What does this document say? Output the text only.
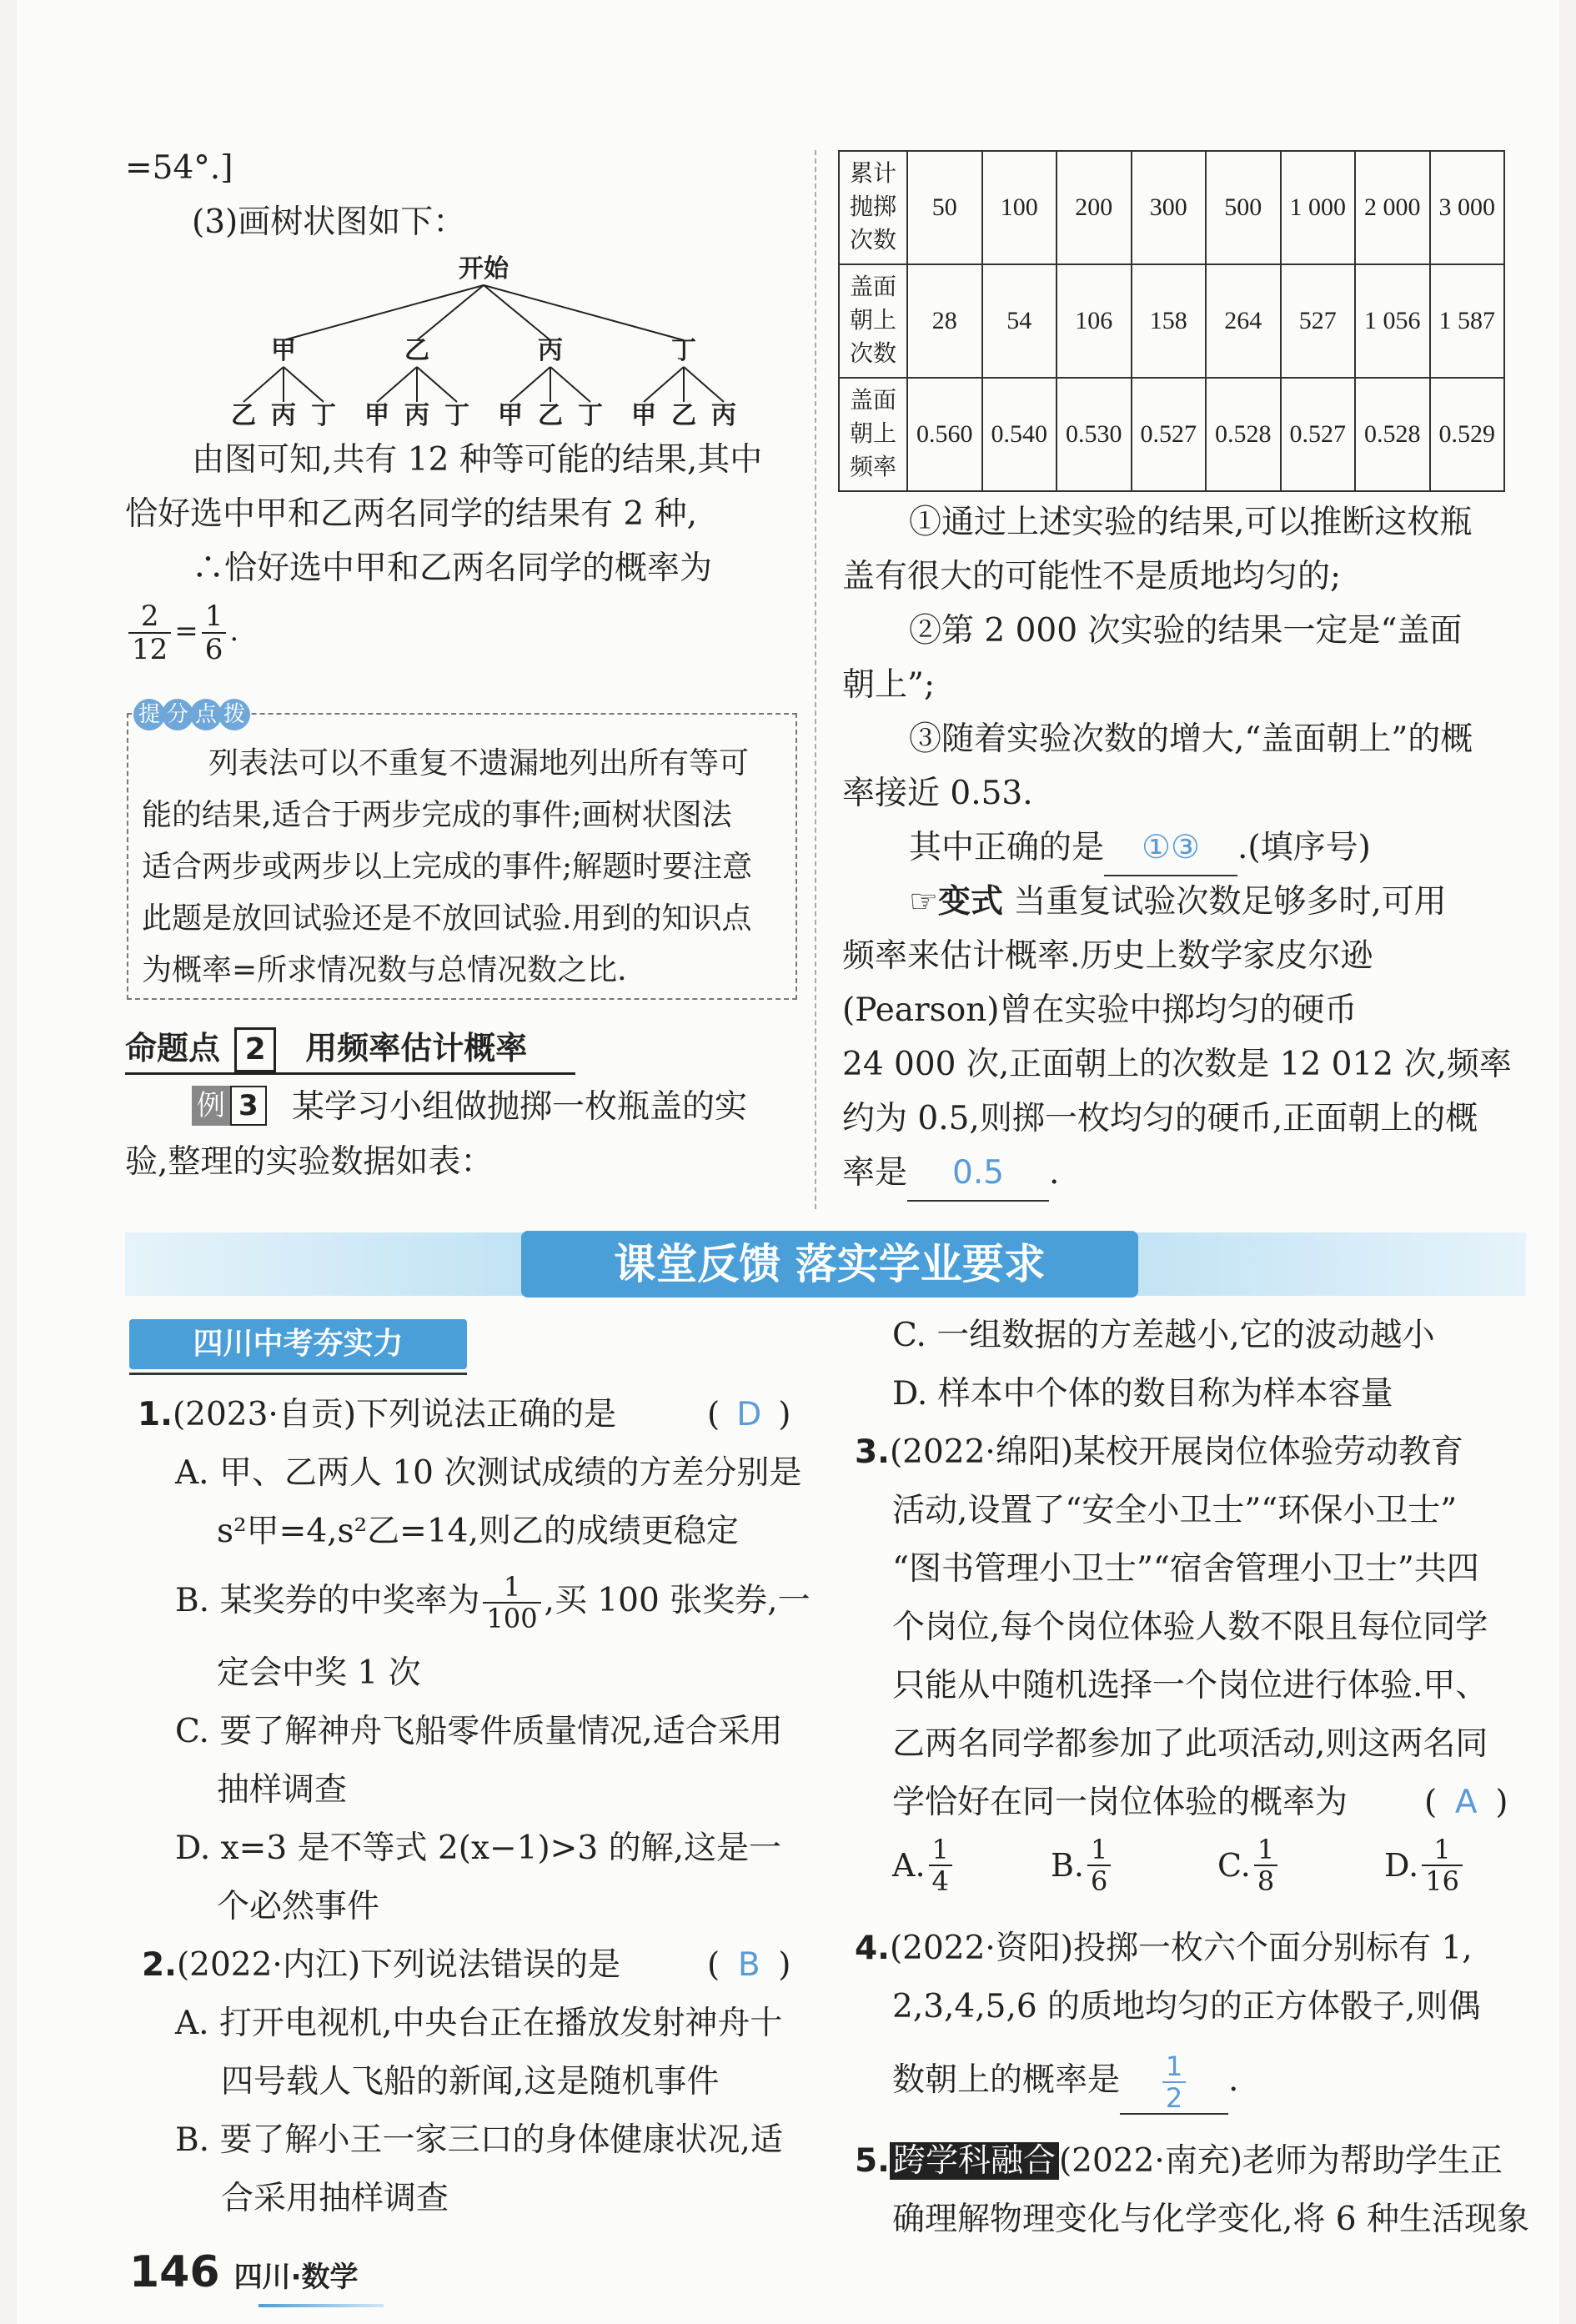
=54°.]
(3)画树状图如下：
开始
甲
乙 丙 丁
乙
甲 丙 丁
丙
甲 乙 丁
丁
甲 乙 丙
由图可知,共有 12 种等可能的结果,其中
恰好选中甲和乙两名同学的结果有 2 种,
∴恰好选中甲和乙两名同学的概率为
$\frac{2}{12} = \frac{1}{6}$ .
提 分 点 拨
列表法可以不重复不遗漏地列出所有等可
能的结果,适合于两步完成的事件;画树状图法
适合两步或两步以上完成的事件;解题时要注意
此题是放回试验还是不放回试验.用到的知识点
为概率=所求情况数与总情况数之比.
命题点 2 用频率估计概率
例 3 某学习小组做抛掷一枚瓶盖的实
验,整理的实验数据如表：
累计
抛掷
次数	50	100	200	300	500	1 000	2 000	3 000

盖面
朝上
次数	28	54	106	158	264	527	1 056	1 587

盖面
朝上
频率	0.560	0.540	0.530	0.527	0.528	0.527	0.528	0.529
①通过上述实验的结果,可以推断这枚瓶
盖有很大的可能性不是质地均匀的;
②第 2 000 次实验的结果一定是“盖面
朝上”;
③随着实验次数的增大,“盖面朝上”的概
率接近 0.53.
其中正确的是 ①③ .(填序号)
☞变式 当重复试验次数足够多时,可用
频率来估计概率.历史上数学家皮尔逊
(Pearson)曾在实验中掷均匀的硬币
24 000 次,正面朝上的次数是 12 012 次,频率
约为 0.5,则掷一枚均匀的硬币,正面朝上的概
率是 0.5 .
课堂反馈 落实学业要求
四川中考夯实力
1.(2023·自贡)下列说法正确的是	( D )
A. 甲、乙两人 10 次测试成绩的方差分别是
s²甲=4,s²乙=14,则乙的成绩更稳定
B. 某奖券的中奖率为 $\frac{1}{100}$ ,买 100 张奖券,一
定会中奖 1 次
C. 要了解神舟飞船零件质量情况,适合采用
抽样调查
D. x=3 是不等式 2(x−1)>3 的解,这是一
个必然事件
2.(2022·内江)下列说法错误的是	( B )
A. 打开电视机,中央台正在播放发射神舟十
四号载人飞船的新闻,这是随机事件
B. 要了解小王一家三口的身体健康状况,适
合采用抽样调查
C. 一组数据的方差越小,它的波动越小
D. 样本中个体的数目称为样本容量
3.(2022·绵阳)某校开展岗位体验劳动教育
活动,设置了“安全小卫士”“环保小卫士”
“图书管理小卫士”“宿舍管理小卫士”共四
个岗位,每个岗位体验人数不限且每位同学
只能从中随机选择一个岗位进行体验.甲、
乙两名同学都参加了此项活动,则这两名同
学恰好在同一岗位体验的概率为 ( A )
A. $\frac{1}{4}$	B. $\frac{1}{6}$	C. $\frac{1}{8}$	D. $\frac{1}{16}$
4.(2022·资阳)投掷一枚六个面分别标有 1,
2,3,4,5,6 的质地均匀的正方体骰子,则偶
数朝上的概率是 $\frac{1}{2}$ .
5. 跨学科融合 (2022·南充)老师为帮助学生正
确理解物理变化与化学变化,将 6 种生活现象
146 四川·数学
